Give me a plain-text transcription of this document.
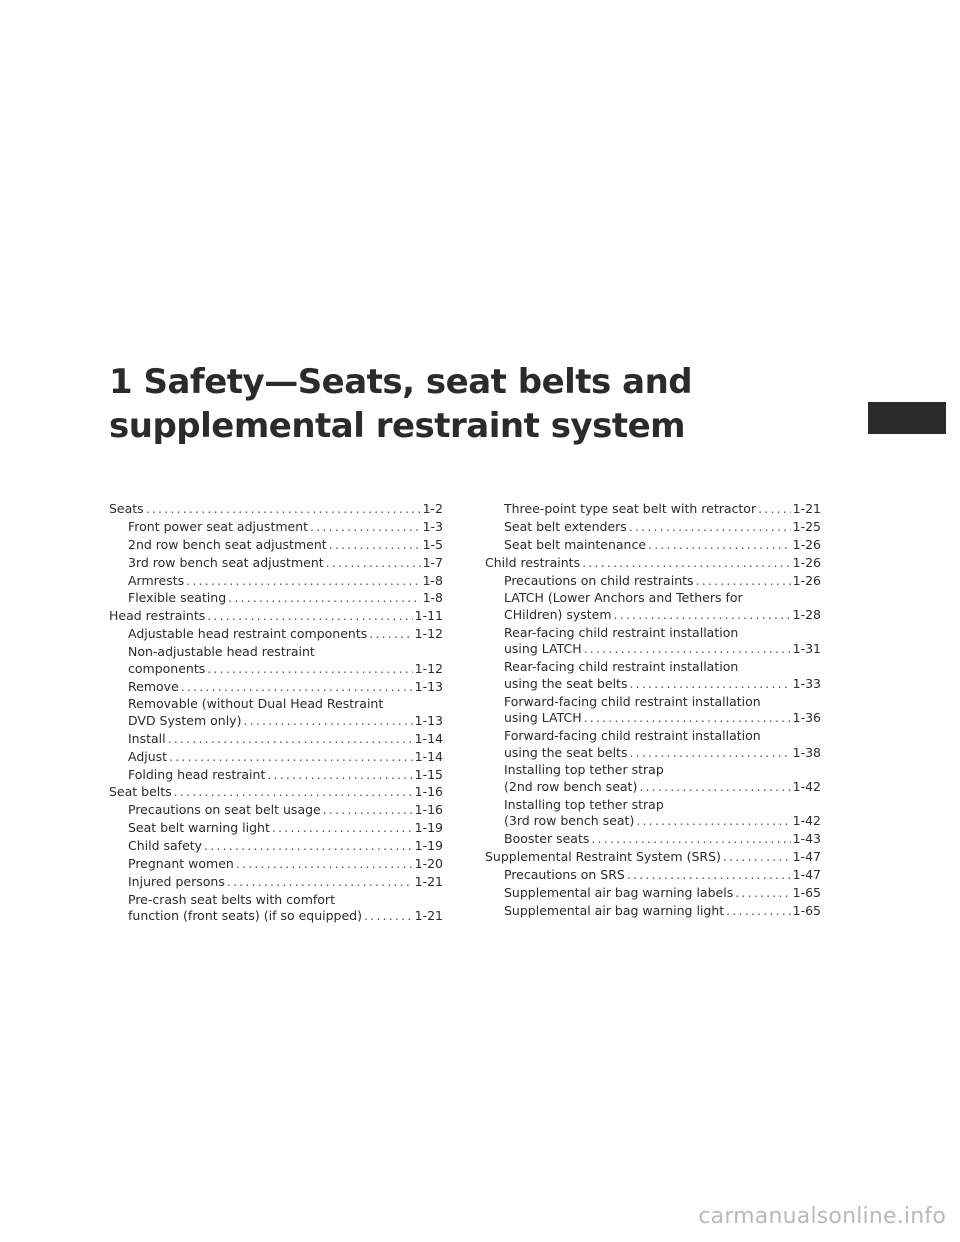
1 Safety—Seats, seat belts and
supplemental restraint system
Seats .....	1-2
Front power seat adjustment .....	1-3
2nd row bench seat adjustment .....	1-5
3rd row bench seat adjustment .....	1-7
Armrests .....	1-8
Flexible seating .....	1-8
Head restraints .....	1-11
Adjustable head restraint components .....	1-12
Non-adjustable head restraint
components .....	1-12
Remove .....	1-13
Removable (without Dual Head Restraint
DVD System only) .....	1-13
Install .....	1-14
Adjust .....	1-14
Folding head restraint .....	1-15
Seat belts .....	1-16
Precautions on seat belt usage .....	1-16
Seat belt warning light .....	1-19
Child safety .....	1-19
Pregnant women .....	1-20
Injured persons .....	1-21
Pre-crash seat belts with comfort
function (front seats) (if so equipped) .....	1-21
Three-point type seat belt with retractor .....	1-21
Seat belt extenders .....	1-25
Seat belt maintenance .....	1-26
Child restraints .....	1-26
Precautions on child restraints .....	1-26
LATCH (Lower Anchors and Tethers for
CHildren) system .....	1-28
Rear-facing child restraint installation
using LATCH .....	1-31
Rear-facing child restraint installation
using the seat belts .....	1-33
Forward-facing child restraint installation
using LATCH .....	1-36
Forward-facing child restraint installation
using the seat belts .....	1-38
Installing top tether strap
(2nd row bench seat) .....	1-42
Installing top tether strap
(3rd row bench seat) .....	1-42
Booster seats .....	1-43
Supplemental Restraint System (SRS) .....	1-47
Precautions on SRS .....	1-47
Supplemental air bag warning labels .....	1-65
Supplemental air bag warning light .....	1-65
carmanualsonline.info
